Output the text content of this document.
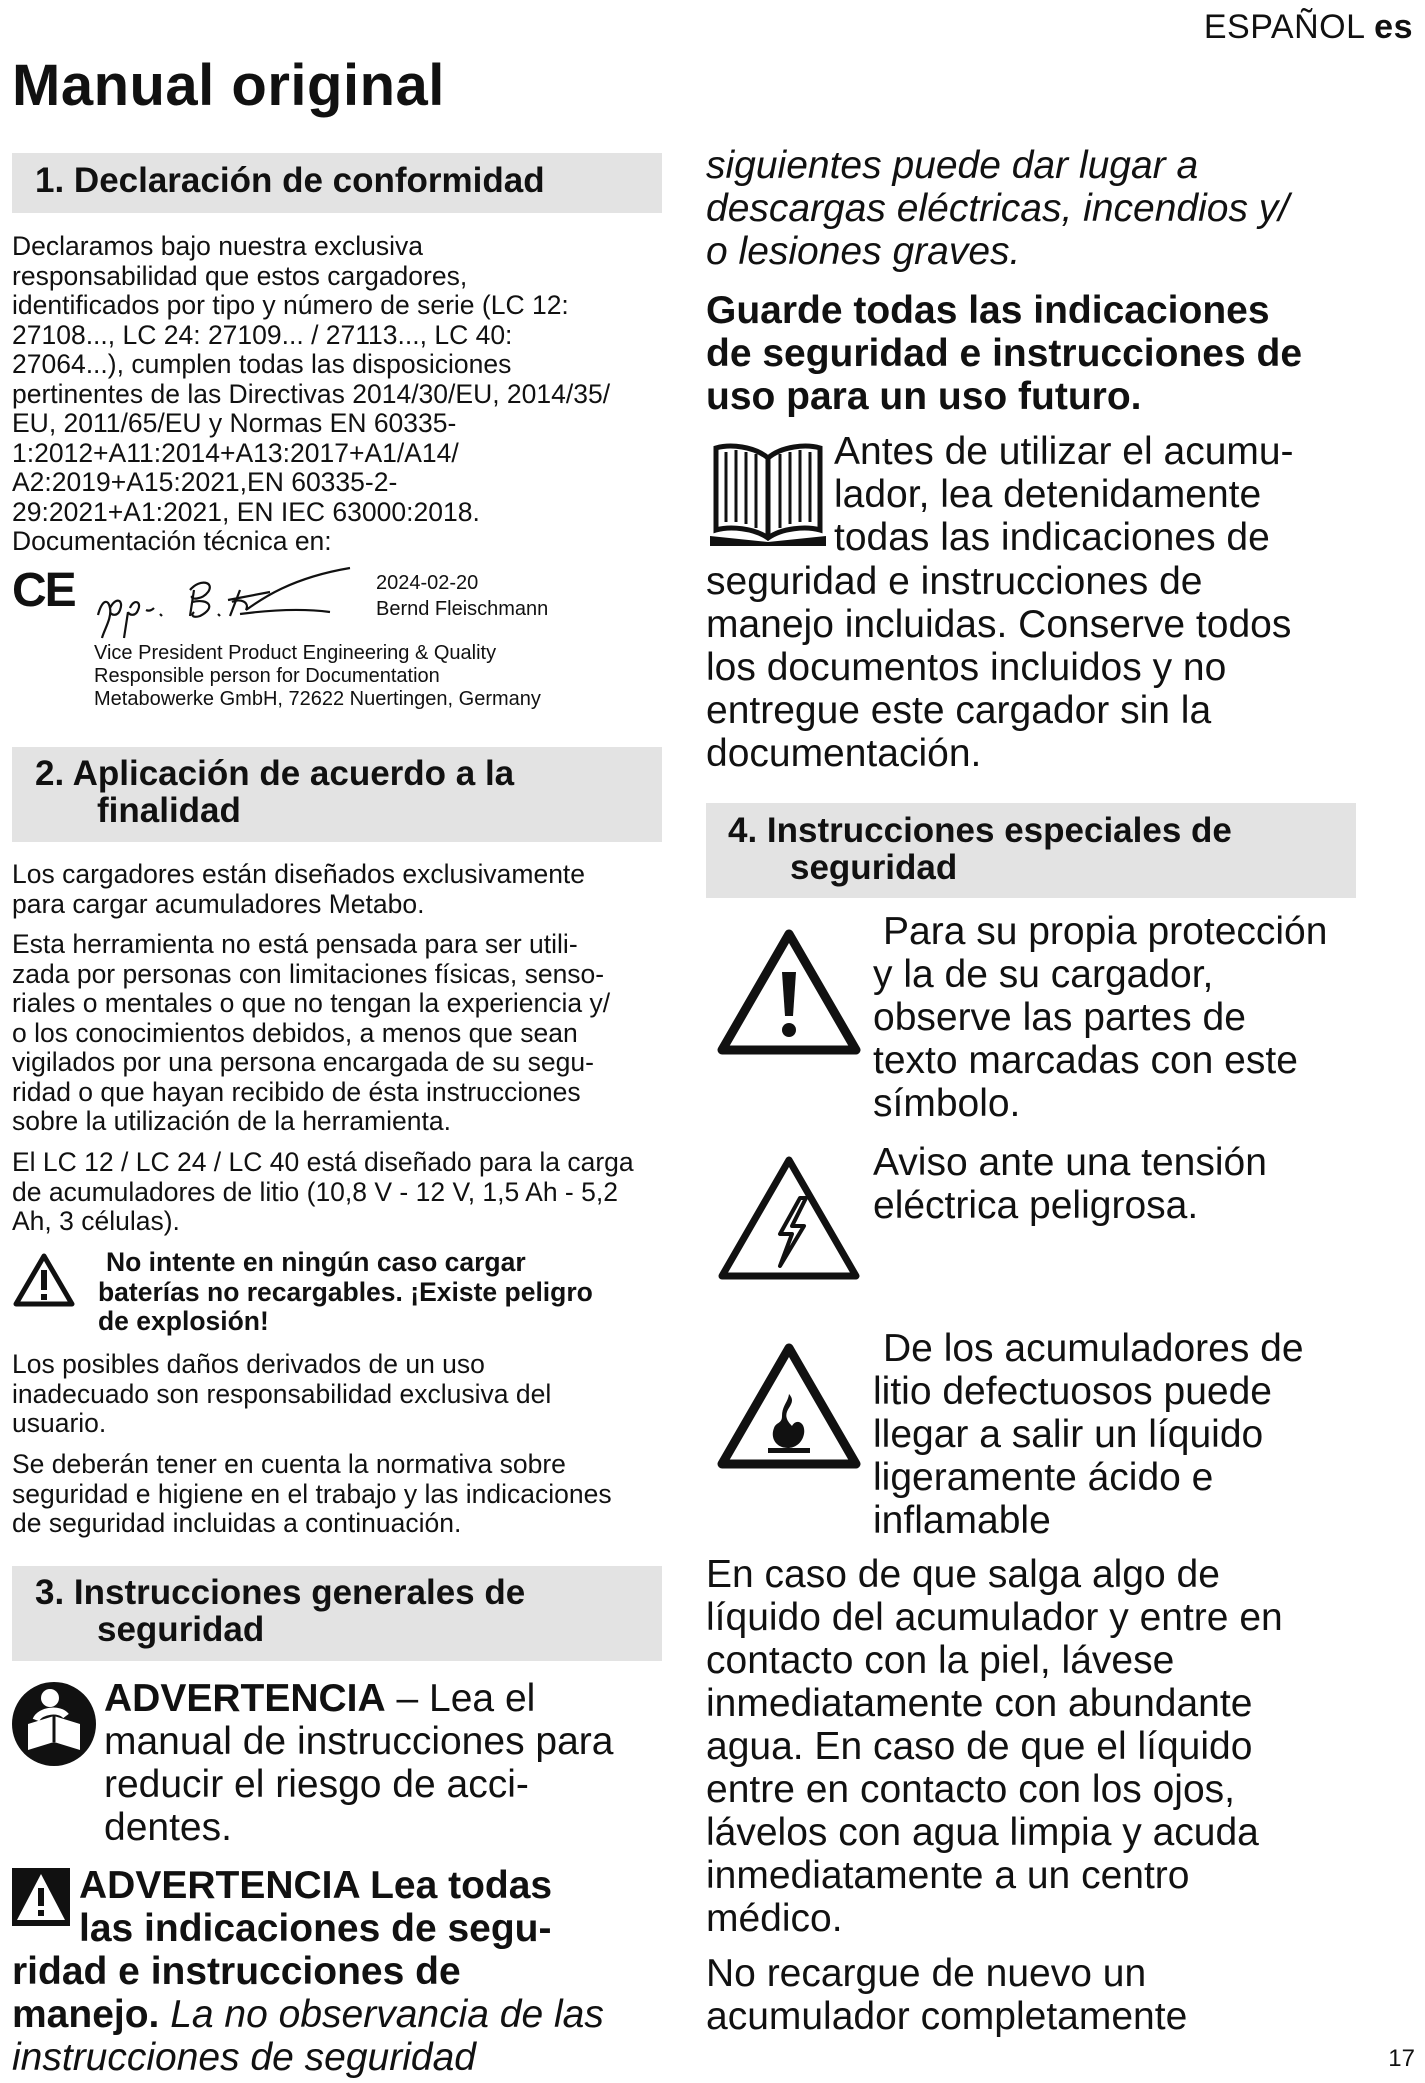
ESPAÑOL es
Manual original
1. Declaración de conformidad
Declaramos bajo nuestra exclusiva
responsabilidad que estos cargadores,
identificados por tipo y número de serie (LC 12:
27108..., LC 24: 27109... / 27113..., LC 40:
27064...), cumplen todas las disposiciones
pertinentes de las Directivas 2014/30/EU, 2014/35/
EU, 2011/65/EU y Normas EN 60335-
1:2012+A11:2014+A13:2017+A1/A14/
A2:2019+A15:2021,EN 60335-2-
29:2021+A1:2021, EN IEC 63000:2018.
Documentación técnica en:
CE	2024-02-20
Bernd Fleischmann
Vice President Product Engineering & Quality
Responsible person for Documentation
Metabowerke GmbH, 72622 Nuertingen, Germany
2. Aplicación de acuerdo a la
finalidad
Los cargadores están diseñados exclusivamente
para cargar acumuladores Metabo.
Esta herramienta no está pensada para ser utili-
zada por personas con limitaciones físicas, senso-
riales o mentales o que no tengan la experiencia y/
o los conocimientos debidos, a menos que sean
vigilados por una persona encargada de su segu-
ridad o que hayan recibido de ésta instrucciones
sobre la utilización de la herramienta.
El LC 12 / LC 24 / LC 40 está diseñado para la carga
de acumuladores de litio (10,8 V - 12 V, 1,5 Ah - 5,2
Ah, 3 células).
No intente en ningún caso cargar
baterías no recargables. ¡Existe peligro
de explosión!
Los posibles daños derivados de un uso
inadecuado son responsabilidad exclusiva del
usuario.
Se deberán tener en cuenta la normativa sobre
seguridad e higiene en el trabajo y las indicaciones
de seguridad incluidas a continuación.
3. Instrucciones generales de
seguridad
ADVERTENCIA – Lea el
manual de instrucciones para
reducir el riesgo de acci-
dentes.
ADVERTENCIA Lea todas
las indicaciones de segu-
ridad e instrucciones de
manejo. La no observancia de las
instrucciones de seguridad
siguientes puede dar lugar a
descargas eléctricas, incendios y/
o lesiones graves.
Guarde todas las indicaciones
de seguridad e instrucciones de
uso para un uso futuro.
Antes de utilizar el acumu-
lador, lea detenidamente
todas las indicaciones de
seguridad e instrucciones de
manejo incluidas. Conserve todos
los documentos incluidos y no
entregue este cargador sin la
documentación.
4. Instrucciones especiales de
seguridad
Para su propia protección
y la de su cargador,
observe las partes de
texto marcadas con este
símbolo.
Aviso ante una tensión
eléctrica peligrosa.
De los acumuladores de
litio defectuosos puede
llegar a salir un líquido
ligeramente ácido e
inflamable
En caso de que salga algo de
líquido del acumulador y entre en
contacto con la piel, lávese
inmediatamente con abundante
agua. En caso de que el líquido
entre en contacto con los ojos,
lávelos con agua limpia y acuda
inmediatamente a un centro
médico.
No recargue de nuevo un
acumulador completamente
17
